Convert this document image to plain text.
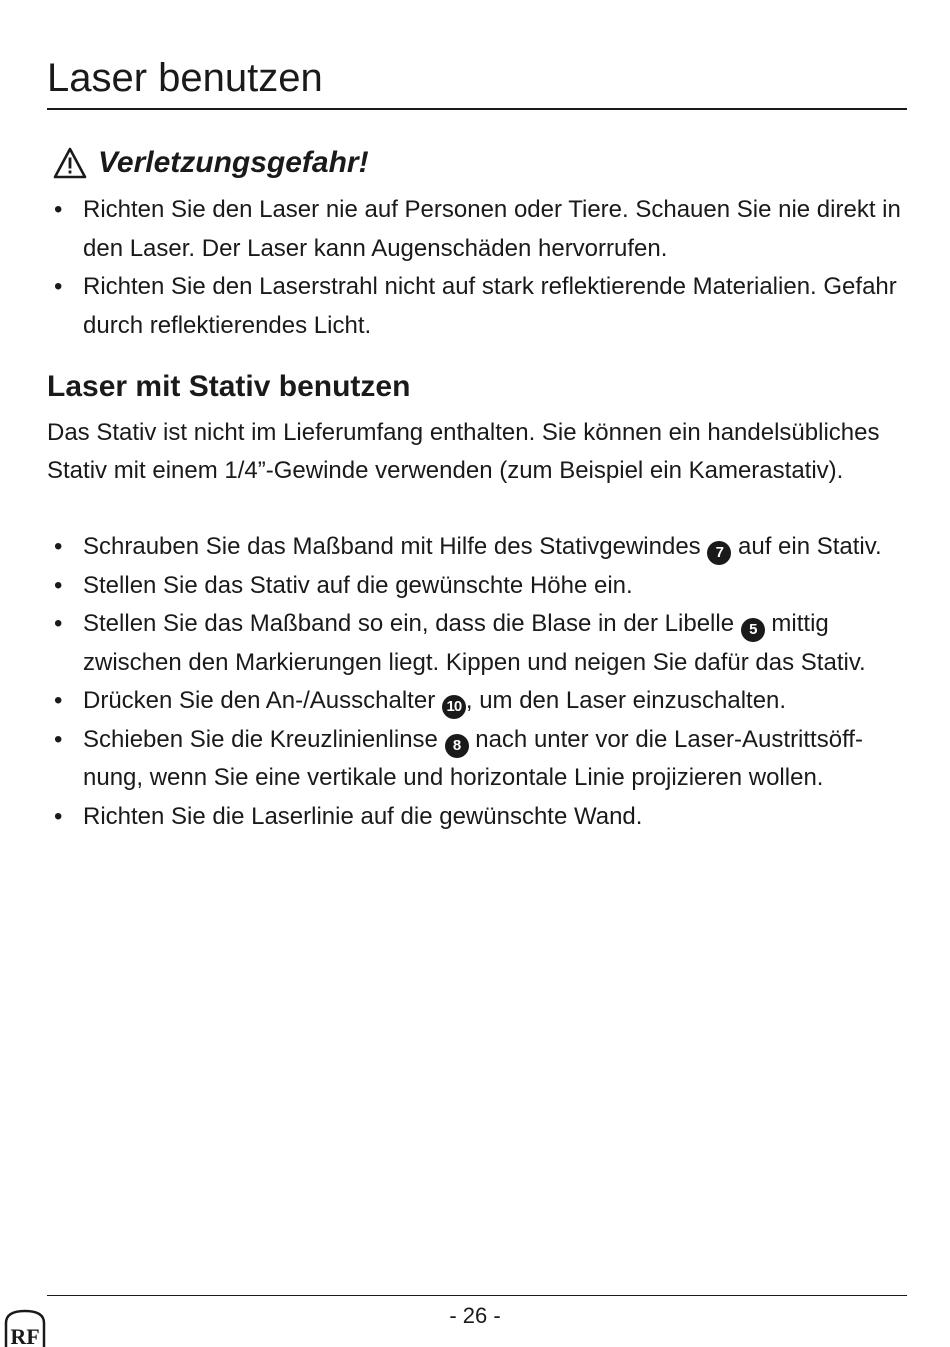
Laser benutzen
Verletzungsgefahr!
• Richten Sie den Laser nie auf Personen oder Tiere. Schauen Sie nie direkt in den Laser. Der Laser kann Augenschäden hervorrufen.
• Richten Sie den Laserstrahl nicht auf stark reflektierende Materialien. Gefahr durch reflektierendes Licht.
Laser mit Stativ benutzen

Das Stativ ist nicht im Lieferumfang enthalten. Sie können ein handelsübliches Stativ mit einem 1/4”-Gewinde verwenden (zum Beispiel ein Kamerastativ).

• Schrauben Sie das Maßband mit Hilfe des Stativgewindes 7 auf ein Stativ.
• Stellen Sie das Stativ auf die gewünschte Höhe ein.
• Stellen Sie das Maßband so ein, dass die Blase in der Libelle 5 mittig zwischen den Markierungen liegt. Kippen und neigen Sie dafür das Stativ.
• Drücken Sie den An-/Ausschalter 10 , um den Laser einzuschalten.
• Schieben Sie die Kreuzlinienlinse 8 nach unter vor die Laser-Austrittsöff-nung, wenn Sie eine vertikale und horizontale Linie projizieren wollen.
• Richten Sie die Laserlinie auf die gewünschte Wand.
- 26 -
RF
